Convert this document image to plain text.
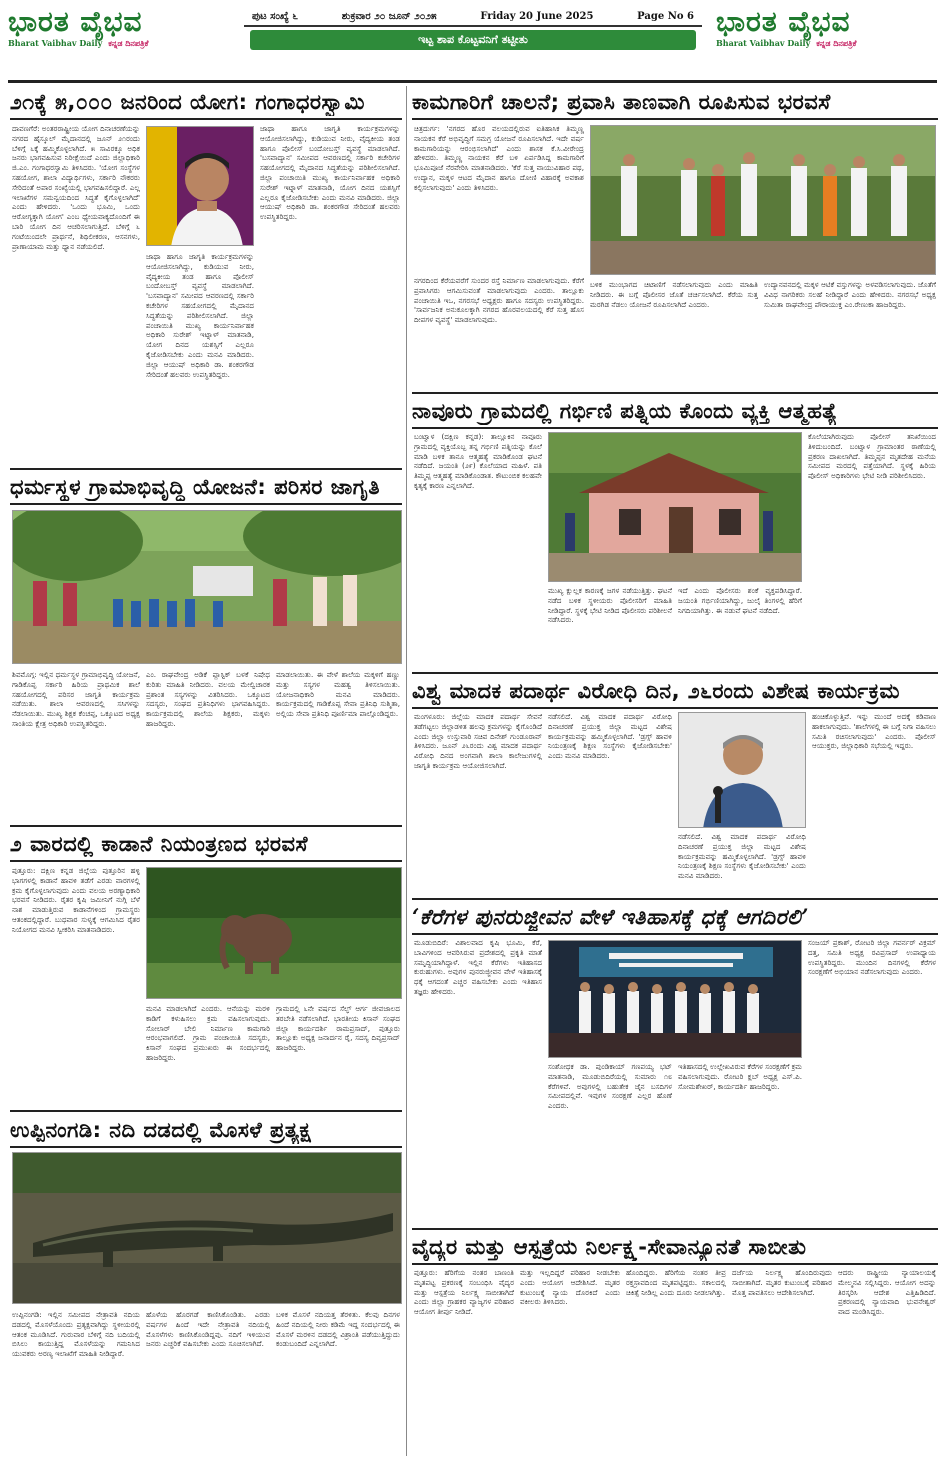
ಭಾರತ ವೈಭವ
Bharat Vaibhav Daily ಕನ್ನಡ ದಿನಪತ್ರಿಕೆ
ಪುಟ ಸಂಖ್ಯೆ ೬	ಶುಕ್ರವಾರ ೨೦ ಜೂನ್ ೨೦೨೫	Friday 20 June 2025	Page No 6
ಇಟ್ಟ ಶಾಪ ಕೊಟ್ಟವನಿಗೆ ತಟ್ಟೀತು
ಭಾರತ ವೈಭವ
Bharat Vaibhav Daily ಕನ್ನಡ ದಿನಪತ್ರಿಕೆ
೨೧ಕ್ಕೆ ೫,೦೦೦ ಜನರಿಂದ ಯೋಗ: ಗಂಗಾಧರಸ್ವಾಮಿ
ದಾವಣಗೆರೆ: ಅಂತರರಾಷ್ಟ್ರೀಯ ಯೋಗ ದಿನಾಚರಣೆಯನ್ನು ನಗರದ ಹೈಸ್ಕೂಲ್ ಮೈದಾನದಲ್ಲಿ ಜೂನ್ ೨೧ರಂದು ಬೆಳಿಗ್ಗೆ ೬ಕ್ಕೆ ಹಮ್ಮಿಕೊಳ್ಳಲಾಗಿದೆ. ೫ ಸಾವಿರಕ್ಕೂ ಅಧಿಕ ಜನರು ಭಾಗವಹಿಸುವ ನಿರೀಕ್ಷೆಯಿದೆ ಎಂದು ಜಿಲ್ಲಾಧಿಕಾರಿ ಜಿ.ಎಂ. ಗಂಗಾಧರಸ್ವಾಮಿ ತಿಳಿಸಿದರು. 'ಯೋಗ ಸಂಸ್ಥೆಗಳ ಸಹಯೋಗ, ಶಾಲಾ ವಿದ್ಯಾರ್ಥಿಗಳು, ಸರ್ಕಾರಿ ನೌಕರರು ಸೇರಿದಂತೆ ಅಪಾರ ಸಂಖ್ಯೆಯಲ್ಲಿ ಭಾಗವಹಿಸಲಿದ್ದಾರೆ. ಎಲ್ಲ ಇಲಾಖೆಗಳ ಸಮನ್ವಯದಿಂದ ಸಿದ್ಧತೆ ಕೈಗೊಳ್ಳಲಾಗಿದೆ' ಎಂದು ಹೇಳಿದರು. 'ಒಂದು ಭೂಮಿ, ಒಂದು ಆರೋಗ್ಯಕ್ಕಾಗಿ ಯೋಗ' ಎಂಬ ಧ್ಯೇಯವಾಕ್ಯದೊಂದಿಗೆ ಈ ಬಾರಿ ಯೋಗ ದಿನ ಆಚರಿಸಲಾಗುತ್ತಿದೆ. ಬೆಳಿಗ್ಗೆ ೬ ಗಂಟೆಯಿಂದಲೇ ಪ್ರಾರ್ಥನೆ, ಶಿಥಿಲೀಕರಣ, ಆಸನಗಳು, ಪ್ರಾಣಾಯಾಮ ಮತ್ತು ಧ್ಯಾನ ನಡೆಯಲಿದೆ.
ಜಾಥಾ ಹಾಗೂ ಜಾಗೃತಿ ಕಾರ್ಯಕ್ರಮಗಳನ್ನು ಆಯೋಜಿಸಲಾಗಿದ್ದು, ಕುಡಿಯುವ ನೀರು, ವೈದ್ಯಕೀಯ ತಂಡ ಹಾಗೂ ಪೊಲೀಸ್ ಬಂದೋಬಸ್ತ್ ವ್ಯವಸ್ಥೆ ಮಾಡಲಾಗಿದೆ. 'ಬಸವಾದ್ಯಾನ' ಸಮೀಪದ ಆವರಣದಲ್ಲಿ ಸರ್ಕಾರಿ ಕಚೇರಿಗಳ ಸಹಯೋಗದಲ್ಲಿ ಮೈದಾನದ ಸಿದ್ಧತೆಯನ್ನು ಪರಿಶೀಲಿಸಲಾಗಿದೆ. ಜಿಲ್ಲಾ ಪಂಚಾಯಿತಿ ಮುಖ್ಯ ಕಾರ್ಯನಿರ್ವಾಹಕ ಅಧಿಕಾರಿ ಸುರೇಶ್ ಇಟ್ನಾಳ್ ಮಾತನಾಡಿ, ಯೋಗ ದಿನದ ಯಶಸ್ಸಿಗೆ ಎಲ್ಲರೂ ಕೈಜೋಡಿಸಬೇಕು ಎಂದು ಮನವಿ ಮಾಡಿದರು. ಜಿಲ್ಲಾ ಆಯುಷ್ ಅಧಿಕಾರಿ ಡಾ. ಶಂಕರಗೌಡ ಸೇರಿದಂತೆ ಹಲವರು ಉಪಸ್ಥಿತರಿದ್ದರು.
ಜಾಥಾ ಹಾಗೂ ಜಾಗೃತಿ ಕಾರ್ಯಕ್ರಮಗಳನ್ನು ಆಯೋಜಿಸಲಾಗಿದ್ದು, ಕುಡಿಯುವ ನೀರು, ವೈದ್ಯಕೀಯ ತಂಡ ಹಾಗೂ ಪೊಲೀಸ್ ಬಂದೋಬಸ್ತ್ ವ್ಯವಸ್ಥೆ ಮಾಡಲಾಗಿದೆ. 'ಬಸವಾದ್ಯಾನ' ಸಮೀಪದ ಆವರಣದಲ್ಲಿ ಸರ್ಕಾರಿ ಕಚೇರಿಗಳ ಸಹಯೋಗದಲ್ಲಿ ಮೈದಾನದ ಸಿದ್ಧತೆಯನ್ನು ಪರಿಶೀಲಿಸಲಾಗಿದೆ. ಜಿಲ್ಲಾ ಪಂಚಾಯಿತಿ ಮುಖ್ಯ ಕಾರ್ಯನಿರ್ವಾಹಕ ಅಧಿಕಾರಿ ಸುರೇಶ್ ಇಟ್ನಾಳ್ ಮಾತನಾಡಿ, ಯೋಗ ದಿನದ ಯಶಸ್ಸಿಗೆ ಎಲ್ಲರೂ ಕೈಜೋಡಿಸಬೇಕು ಎಂದು ಮನವಿ ಮಾಡಿದರು. ಜಿಲ್ಲಾ ಆಯುಷ್ ಅಧಿಕಾರಿ ಡಾ. ಶಂಕರಗೌಡ ಸೇರಿದಂತೆ ಹಲವರು ಉಪಸ್ಥಿತರಿದ್ದರು.
ಧರ್ಮಸ್ಥಳ ಗ್ರಾಮಾಭಿವೃದ್ಧಿ ಯೋಜನೆ: ಪರಿಸರ ಜಾಗೃತಿ
ಶಿವಮೊಗ್ಗ: ಇಲ್ಲಿನ ಧರ್ಮಸ್ಥಳ ಗ್ರಾಮಾಭಿವೃದ್ಧಿ ಯೋಜನೆ, ಗಾಡಿಕೊಪ್ಪ ಸರ್ಕಾರಿ ಹಿರಿಯ ಪ್ರಾಥಮಿಕ ಶಾಲೆ ಸಹಯೋಗದಲ್ಲಿ ಪರಿಸರ ಜಾಗೃತಿ ಕಾರ್ಯಕ್ರಮ ನಡೆಯಿತು. ಶಾಲಾ ಆವರಣದಲ್ಲಿ ಸಸಿಗಳನ್ನು ನೆಡಲಾಯಿತು. ಮುಖ್ಯ ಶಿಕ್ಷಕ ಕೆಂಚಪ್ಪ, ಒಕ್ಕೂಟದ ಅಧ್ಯಕ್ಷ ಸಾಂತಿಯ ಕ್ಷೇತ್ರ ಅಧಿಕಾರಿ ಉಪಸ್ಥಿತರಿದ್ದರು.
ಎಂ. ರಾಘವೇಂದ್ರ ಅಡಿಕೆ ಪ್ಲಾಸ್ಟಿಕ್ ಬಳಕೆ ನಿಷೇಧ ಕುರಿತು ಮಾಹಿತಿ ನೀಡಿದರು. ವಲಯ ಮೇಲ್ವಿಚಾರಕ ಪ್ರಶಾಂತ ಸಸ್ಯಗಳನ್ನು ವಿತರಿಸಿದರು. ಒಕ್ಕೂಟದ ಸದಸ್ಯರು, ಸಂಘದ ಪ್ರತಿನಿಧಿಗಳು ಭಾಗವಹಿಸಿದ್ದರು. ಕಾರ್ಯಕ್ರಮದಲ್ಲಿ ಶಾಲೆಯ ಶಿಕ್ಷಕರು, ಮಕ್ಕಳು ಹಾಜರಿದ್ದರು.
ಮಾಡಲಾಯಿತು. ಈ ವೇಳೆ ಶಾಲೆಯ ಮಕ್ಕಳಿಗೆ ಹಣ್ಣು ಮತ್ತು ಸಸ್ಯಗಳ ಮಹತ್ವ ತಿಳಿಸಲಾಯಿತು. ಯೋಜನಾಧಿಕಾರಿ ಮನವಿ ಮಾಡಿದರು. ಕಾರ್ಯಕ್ರಮದಲ್ಲಿ ಗಾಡಿಕೊಪ್ಪ ಸೇವಾ ಪ್ರತಿನಿಧಿ ಸುಶ್ಮಿತಾ, ಅಲ್ಲಿಯ ಸೇವಾ ಪ್ರತಿನಿಧಿ ಪೂರ್ಣಿಮಾ ಪಾಲ್ಗೊಂಡಿದ್ದರು.
೨ ವಾರದಲ್ಲಿ ಕಾಡಾನೆ ನಿಯಂತ್ರಣದ ಭರವಸೆ
ಪುತ್ತೂರು: ದಕ್ಷಿಣ ಕನ್ನಡ ಜಿಲ್ಲೆಯ ಪುತ್ತೂರಿನ ಹಳ್ಳಿ ಭಾಗಗಳಲ್ಲಿ ಕಾಡಾನೆ ಹಾವಳಿ ತಡೆಗೆ ಎರಡು ವಾರಗಳಲ್ಲಿ ಕ್ರಮ ಕೈಗೊಳ್ಳಲಾಗುವುದು ಎಂದು ವಲಯ ಅರಣ್ಯಾಧಿಕಾರಿ ಭರವಸೆ ನೀಡಿದರು. ರೈತರ ಕೃಷಿ ಜಮೀನಿಗೆ ನುಗ್ಗಿ ಬೆಳೆ ನಾಶ ಮಾಡುತ್ತಿರುವ ಕಾಡಾನೆಗಳಿಂದ ಗ್ರಾಮಸ್ಥರು ಆತಂಕದಲ್ಲಿದ್ದಾರೆ. ಬುಧವಾರ ಸುಳ್ಯಕ್ಕೆ ಆಗಮಿಸಿದ ರೈತರ ನಿಯೋಗದ ಮನವಿ ಸ್ವೀಕರಿಸಿ ಮಾತನಾಡಿದರು.
ಮನವಿ ಮಾಡಲಾಗಿದೆ ಎಂದರು. ಆನೆಯನ್ನು ಮರಳಿ ಕಾಡಿಗೆ ಕಳುಹಿಸಲು ಕ್ರಮ ವಹಿಸಲಾಗುವುದು. ಸೋಲಾರ್ ಬೇಲಿ ನಿರ್ಮಾಣ ಕಾಮಗಾರಿ ಆರಂಭವಾಗಲಿದೆ. ಗ್ರಾಮ ಪಂಚಾಯಿತಿ ಸದಸ್ಯರು, ಕಿಸಾನ್ ಸಂಘದ ಪ್ರಮುಖರು ಈ ಸಂದರ್ಭದಲ್ಲಿ ಹಾಜರಿದ್ದರು.
ಗ್ರಾಮದಲ್ಲಿ ೬ನೇ ವರ್ಷದ ಸೆಲ್ಫ್ ಆರ್ಗ ಜೀವಜಾಲದ ತರಬೇತಿ ನಡೆಸಲಾಗಿದೆ. ಭಾರತೀಯ ಕಿಸಾನ್ ಸಂಘದ ಜಿಲ್ಲಾ ಕಾರ್ಯದರ್ಶಿ ರಾಮಪ್ರಸಾದ್, ಪುತ್ತೂರು ತಾಲ್ಲೂಕು ಅಧ್ಯಕ್ಷ ಜನಾರ್ದನ ರೈ, ಸದಸ್ಯ ದಿವ್ಯಪ್ರಸಾದ್ ಹಾಜರಿದ್ದರು.
ಉಪ್ಪಿನಂಗಡಿ: ನದಿ ದಡದಲ್ಲಿ ಮೊಸಳೆ ಪ್ರತ್ಯಕ್ಷ
ಉಪ್ಪಿನಂಗಡಿ: ಇಲ್ಲಿನ ಸಮೀಪದ ನೇತ್ರಾವತಿ ನದಿಯ ದಡದಲ್ಲಿ ಮೊಸಳೆಯೊಂದು ಪ್ರತ್ಯಕ್ಷವಾಗಿದ್ದು ಸ್ಥಳೀಯರಲ್ಲಿ ಆತಂಕ ಮೂಡಿಸಿದೆ. ಗುರುವಾರ ಬೆಳಿಗ್ಗೆ ನದಿ ಬದಿಯಲ್ಲಿ ಬಿಸಿಲು ಕಾಯುತ್ತಿದ್ದ ಮೊಸಳೆಯನ್ನು ಗಮನಿಸಿದ ಯುವಕರು ಅರಣ್ಯ ಇಲಾಖೆಗೆ ಮಾಹಿತಿ ನೀಡಿದ್ದಾರೆ.
ಹೊಳೆಯ ಹೊರಗಡೆ ಕಾಣಿಸಿಕೊಂಡಿತು. ಎರಡು ವರ್ಷಗಳ ಹಿಂದೆ ಇದೇ ನೇತ್ರಾವತಿ ನದಿಯಲ್ಲಿ ಮೊಸಳೆಗಳು ಕಾಣಿಸಿಕೊಂಡಿದ್ದವು. ನದಿಗೆ ಇಳಿಯುವ ಜನರು ಎಚ್ಚರಿಕೆ ವಹಿಸಬೇಕು ಎಂದು ಸೂಚಿಸಲಾಗಿದೆ.
ಬಳಿಕ ಮೊಸಳೆ ನದಿಯತ್ತ ತೆರಳಿತು. ಕೆಲವು ದಿನಗಳ ಹಿಂದೆ ನದಿಯಲ್ಲಿ ನೀರು ಕಡಿಮೆ ಇದ್ದ ಸಂದರ್ಭದಲ್ಲಿ ಈ ಮೊಸಳೆ ಮರಳಿನ ದಡದಲ್ಲಿ ವಿಶ್ರಾಂತಿ ಪಡೆಯುತ್ತಿದ್ದುದು ಕಂಡುಬಂದಿದೆ ಎನ್ನಲಾಗಿದೆ.
ಕಾಮಗಾರಿಗೆ ಚಾಲನೆ; ಪ್ರವಾಸಿ ತಾಣವಾಗಿ ರೂಪಿಸುವ ಭರವಸೆ
ಚಿತ್ರದುರ್ಗ: 'ನಗರದ ಹೊರ ವಲಯದಲ್ಲಿರುವ ಐತಿಹಾಸಿಕ ತಿಮ್ಮಣ್ಣ ನಾಯಕನ ಕೆರೆ ಅಭಿವೃದ್ಧಿಗೆ ಸಮಗ್ರ ಯೋಜನೆ ರೂಪಿಸಲಾಗಿದೆ. ಇದೇ ವರ್ಷ ಕಾಮಗಾರಿಯನ್ನು ಆರಂಭಿಸಲಾಗಿದೆ' ಎಂದು ಶಾಸಕ ಕೆ.ಸಿ.ವೀರೇಂದ್ರ ಹೇಳಿದರು. ತಿಮ್ಮಣ್ಣ ನಾಯಕನ ಕೆರೆ ಬಳಿ ಏರ್ಪಡಿಸಿದ್ದ ಕಾಮಗಾರಿಗೆ ಭೂಮಿಪೂಜೆ ನೆರವೇರಿಸಿ ಮಾತನಾಡಿದರು. 'ಕೆರೆ ಸುತ್ತ ವಾಯುವಿಹಾರ ಪಥ, ಉದ್ಯಾನ, ಮಕ್ಕಳ ಆಟದ ಮೈದಾನ ಹಾಗೂ ದೋಣಿ ವಿಹಾರಕ್ಕೆ ಅವಕಾಶ ಕಲ್ಪಿಸಲಾಗುವುದು' ಎಂದು ತಿಳಿಸಿದರು.
ನಗರದಿಂದ ಕೆರೆಯವರೆಗೆ ಸುಂದರ ರಸ್ತೆ ನಿರ್ಮಾಣ ಮಾಡಲಾಗುವುದು. ಕೆರೆಗೆ ಪ್ರವಾಸಿಗರು ಆಗಮಿಸುವಂತೆ ಮಾಡಲಾಗುವುದು ಎಂದರು. ತಾಲ್ಲೂಕು ಪಂಚಾಯಿತಿ ಇಒ, ನಗರಸಭೆ ಅಧ್ಯಕ್ಷರು ಹಾಗೂ ಸದಸ್ಯರು ಉಪಸ್ಥಿತರಿದ್ದರು. 'ಸಾರ್ವಜನಿಕ ಅನುಕೂಲಕ್ಕಾಗಿ ನಗರದ ಹೊರವಲಯದಲ್ಲಿ ಕೆರೆ ಸುತ್ತ ಹೊಸ ದೀಪಗಳ ವ್ಯವಸ್ಥೆ' ಮಾಡಲಾಗುವುದು.
ಬಳಿಕ ಮುಂಭಾಗದ ಚಿಟಾಣಿಗೆ ನಡೆಸಲಾಗುವುದು ಎಂದು ಮಾಹಿತಿ ನೀಡಿದರು. ಈ ಬಗ್ಗೆ ಪೊಲೀಸರ ಜೊತೆ ಚರ್ಚಿಸಲಾಗಿದೆ. ಕೆರೆಯ ಸುತ್ತ ಮರಗಿಡ ನೆಡಲು ಯೋಜನೆ ರೂಪಿಸಲಾಗಿದೆ ಎಂದರು.
ಉದ್ಯಾನವನದಲ್ಲಿ ಮಕ್ಕಳ ಆಟಿಕೆ ವಸ್ತುಗಳನ್ನು ಅಳವಡಿಸಲಾಗುವುದು. ಜೊತೆಗೆ ವಿವಿಧ ನಾಗರಿಕರು ಸಲಹೆ ನೀಡಿದ್ದಾರೆ ಎಂದು ಹೇಳಿದರು. ನಗರಸಭೆ ಅಧ್ಯಕ್ಷ ಸುಮಿತಾ ರಾಘವೇಂದ್ರ ಪೌರಾಯುಕ್ತ ಎಂ.ರೇಣುಕಾ ಹಾಜರಿದ್ದರು.
ನಾವೂರು ಗ್ರಾಮದಲ್ಲಿ ಗರ್ಭಿಣಿ ಪತ್ನಿಯ ಕೊಂದು ವ್ಯಕ್ತಿ ಆತ್ಮಹತ್ಯೆ
ಬಂಟ್ವಾಳ (ದಕ್ಷಿಣ ಕನ್ನಡ): ತಾಲ್ಲೂಕಿನ ನಾವೂರು ಗ್ರಾಮದಲ್ಲಿ ವ್ಯಕ್ತಿಯೊಬ್ಬ ತನ್ನ ಗರ್ಭಿಣಿ ಪತ್ನಿಯನ್ನು ಕೊಲೆ ಮಾಡಿ ಬಳಿಕ ತಾನೂ ಆತ್ಮಹತ್ಯೆ ಮಾಡಿಕೊಂಡ ಘಟನೆ ನಡೆದಿದೆ. ಜಯಂತಿ (೨೯) ಕೊಲೆಯಾದ ಮಹಿಳೆ. ಪತಿ ತಿಮ್ಮಪ್ಪ ಆತ್ಮಹತ್ಯೆ ಮಾಡಿಕೊಂಡಾತ. ಕೌಟುಂಬಿಕ ಕಲಹವೇ ಕೃತ್ಯಕ್ಕೆ ಕಾರಣ ಎನ್ನಲಾಗಿದೆ.
ಮುಖ್ಯ ಕ್ಷುಲ್ಲಕ ಕಾರಣಕ್ಕೆ ಜಗಳ ನಡೆಯುತ್ತಿತ್ತು. ಘಟನೆ ನಡೆದ ಬಳಿಕ ಸ್ಥಳೀಯರು ಪೊಲೀಸರಿಗೆ ಮಾಹಿತಿ ನೀಡಿದ್ದಾರೆ. ಸ್ಥಳಕ್ಕೆ ಭೇಟಿ ನೀಡಿದ ಪೊಲೀಸರು ಪರಿಶೀಲನೆ ನಡೆಸಿದರು.
ಇದೆ ಎಂದು ಪೊಲೀಸರು ಶಂಕೆ ವ್ಯಕ್ತಪಡಿಸಿದ್ದಾರೆ. ಜಯಂತಿ ಗರ್ಭಿಣಿಯಾಗಿದ್ದು, ಜುಲೈ ತಿಂಗಳಲ್ಲಿ ಹೆರಿಗೆ ನಿಗದಿಯಾಗಿತ್ತು. ಈ ನಡುವೆ ಘಟನೆ ನಡೆದಿದೆ.
ಕೊಲೆಯಾಗಿರುವುದು ಪೊಲೀಸ್ ತನಿಖೆಯಿಂದ ತಿಳಿದುಬಂದಿದೆ. ಬಂಟ್ವಾಳ ಗ್ರಾಮಾಂತರ ಠಾಣೆಯಲ್ಲಿ ಪ್ರಕರಣ ದಾಖಲಾಗಿದೆ. ತಿಮ್ಮಪ್ಪನ ಮೃತದೇಹ ಮನೆಯ ಸಮೀಪದ ಮರದಲ್ಲಿ ಪತ್ತೆಯಾಗಿದೆ. ಸ್ಥಳಕ್ಕೆ ಹಿರಿಯ ಪೊಲೀಸ್ ಅಧಿಕಾರಿಗಳು ಭೇಟಿ ನೀಡಿ ಪರಿಶೀಲಿಸಿದರು.
ವಿಶ್ವ ಮಾದಕ ಪದಾರ್ಥ ವಿರೋಧಿ ದಿನ, ೨೬ರಂದು ವಿಶೇಷ ಕಾರ್ಯಕ್ರಮ
ಮಂಗಳೂರು: ಜಿಲ್ಲೆಯ ಮಾದಕ ಪದಾರ್ಥ ಸೇವನೆ ತಡೆಗಟ್ಟಲು ಜಿಲ್ಲಾಡಳಿತ ಹಲವು ಕ್ರಮಗಳನ್ನು ಕೈಗೊಂಡಿದೆ ಎಂದು ಜಿಲ್ಲಾ ಉಸ್ತುವಾರಿ ಸಚಿವ ದಿನೇಶ್ ಗುಂಡೂರಾವ್ ತಿಳಿಸಿದರು. ಜೂನ್ ೨೬ರಂದು ವಿಶ್ವ ಮಾದಕ ಪದಾರ್ಥ ವಿರೋಧಿ ದಿನದ ಅಂಗವಾಗಿ ಶಾಲಾ ಕಾಲೇಜುಗಳಲ್ಲಿ ಜಾಗೃತಿ ಕಾರ್ಯಕ್ರಮ ಆಯೋಜಿಸಲಾಗಿದೆ.
ನಡೆಸಲಿದೆ. ವಿಶ್ವ ಮಾದಕ ಪದಾರ್ಥ ವಿರೋಧಿ ದಿನಾಚರಣೆ ಪ್ರಯುಕ್ತ ಜಿಲ್ಲಾ ಮಟ್ಟದ ವಿಶೇಷ ಕಾರ್ಯಕ್ರಮವನ್ನು ಹಮ್ಮಿಕೊಳ್ಳಲಾಗಿದೆ. 'ಡ್ರಗ್ಸ್ ಹಾವಳಿ ನಿಯಂತ್ರಣಕ್ಕೆ ಶಿಕ್ಷಣ ಸಂಸ್ಥೆಗಳು ಕೈಜೋಡಿಸಬೇಕು' ಎಂದು ಮನವಿ ಮಾಡಿದರು.
ನಡೆಸಲಿದೆ. ವಿಶ್ವ ಮಾದಕ ಪದಾರ್ಥ ವಿರೋಧಿ ದಿನಾಚರಣೆ ಪ್ರಯುಕ್ತ ಜಿಲ್ಲಾ ಮಟ್ಟದ ವಿಶೇಷ ಕಾರ್ಯಕ್ರಮವನ್ನು ಹಮ್ಮಿಕೊಳ್ಳಲಾಗಿದೆ. 'ಡ್ರಗ್ಸ್ ಹಾವಳಿ ನಿಯಂತ್ರಣಕ್ಕೆ ಶಿಕ್ಷಣ ಸಂಸ್ಥೆಗಳು ಕೈಜೋಡಿಸಬೇಕು' ಎಂದು ಮನವಿ ಮಾಡಿದರು.
ಹಂಚಿಕೊಳ್ಳುತ್ತಿವೆ. ಇನ್ನು ಮುಂದೆ ಅದಕ್ಕೆ ಕಡಿವಾಣ ಹಾಕಲಾಗುವುದು. 'ಶಾಲೆಗಳಲ್ಲಿ ಈ ಬಗ್ಗೆ ನಿಗಾ ವಹಿಸಲು ಸಮಿತಿ ರಚಿಸಲಾಗುವುದು' ಎಂದರು. ಪೊಲೀಸ್ ಆಯುಕ್ತರು, ಜಿಲ್ಲಾಧಿಕಾರಿ ಸಭೆಯಲ್ಲಿ ಇದ್ದರು.
‘ಕೆರೆಗಳ ಪುನರುಜ್ಜೀವನ ವೇಳೆ ಇತಿಹಾಸಕ್ಕೆ ಧಕ್ಕೆ ಆಗದಿರಲಿ’
ಮೂಡುಬಿದಿರೆ: ವಿಶಾಲವಾದ ಕೃಷಿ ಭೂಮಿ, ಕೆರೆ, ಬಾವಿಗಳಿಂದ ಆವರಿಸಿರುವ ಪ್ರದೇಶದಲ್ಲಿ ಪ್ರಕೃತಿ ಮಾತೆ ಸಮೃದ್ಧಿಯಾಗಿದ್ದಾಳೆ. ಇಲ್ಲಿನ ಕೆರೆಗಳು ಇತಿಹಾಸದ ಕುರುಹುಗಳು. ಅವುಗಳ ಪುನರುಜ್ಜೀವನ ವೇಳೆ ಇತಿಹಾಸಕ್ಕೆ ಧಕ್ಕೆ ಆಗದಂತೆ ಎಚ್ಚರ ವಹಿಸಬೇಕು ಎಂದು ಇತಿಹಾಸ ತಜ್ಞರು ಹೇಳಿದರು.
ಸಂಶೋಧಕ ಡಾ. ಪುಂಡಿಕಾಯ್ ಗಣಪಯ್ಯ ಭಟ್ ಮಾತನಾಡಿ, ಮೂಡುಬಿದಿರೆಯಲ್ಲಿ ಸುಮಾರು ೧೮ ಕೆರೆಗಳಿವೆ. ಅವುಗಳಲ್ಲಿ ಬಹುತೇಕ ಜೈನ ಬಸದಿಗಳ ಸಮೀಪದಲ್ಲಿವೆ. ಇವುಗಳ ಸಂರಕ್ಷಣೆ ಎಲ್ಲರ ಹೊಣೆ ಎಂದರು.
ಇತಿಹಾಸದಲ್ಲಿ ಉಲ್ಲೇಖವಿರುವ ಕೆರೆಗಳ ಸಂರಕ್ಷಣೆಗೆ ಕ್ರಮ ವಹಿಸಲಾಗುವುದು. ರೋಟರಿ ಕ್ಲಬ್ ಅಧ್ಯಕ್ಷ ಎಸ್.ಪಿ. ಸೋಮಶೇಖರ್, ಕಾರ್ಯದರ್ಶಿ ಹಾಜರಿದ್ದರು.
ಸಂಜಯ್ ಪ್ರಕಾಶ್, ರೋಟರಿ ಜಿಲ್ಲಾ ಗವರ್ನರ್ ವಿಕ್ರಮ್ ದತ್ತ, ಸಮಿತಿ ಅಧ್ಯಕ್ಷ ರವಿಪ್ರಸಾದ್ ಉಪಾಧ್ಯಾಯ ಉಪಸ್ಥಿತರಿದ್ದರು. ಮುಂದಿನ ದಿನಗಳಲ್ಲಿ ಕೆರೆಗಳ ಸಂರಕ್ಷಣೆಗೆ ಅಭಿಯಾನ ನಡೆಸಲಾಗುವುದು ಎಂದರು.
ವೈದ್ಯರ ಮತ್ತು ಆಸ್ಪತ್ರೆಯ ನಿರ್ಲಕ್ಷ್ಯ-ಸೇವಾನ್ಯೂನತೆ ಸಾಬೀತು
ಪುತ್ತೂರು: ಹೆರಿಗೆಯ ನಂತರ ಬಾಣಂತಿ ಮೃತಪಟ್ಟ ಪ್ರಕರಣಕ್ಕೆ ಸಂಬಂಧಿಸಿ ವೈದ್ಯರ ಮತ್ತು ಆಸ್ಪತ್ರೆಯ ನಿರ್ಲಕ್ಷ್ಯ ಸಾಬೀತಾಗಿದೆ ಎಂದು ಜಿಲ್ಲಾ ಗ್ರಾಹಕರ ವ್ಯಾಜ್ಯಗಳ ಪರಿಹಾರ ಆಯೋಗ ತೀರ್ಪು ನೀಡಿದೆ.
ಮತ್ತು ಇಲ್ಲದಿದ್ದರೆ ಪರಿಹಾರ ನೀಡಬೇಕು ಎಂದು ಆಯೋಗ ಆದೇಶಿಸಿದೆ. ಮೃತರ ಕುಟುಂಬಕ್ಕೆ ನ್ಯಾಯ ದೊರಕಿದೆ ಎಂದು ವಕೀಲರು ತಿಳಿಸಿದರು.
ಹೊಂದಿದ್ದರು. ಹೆರಿಗೆಯ ನಂತರ ತೀವ್ರ ರಕ್ತಸ್ರಾವದಿಂದ ಮೃತಪಟ್ಟಿದ್ದರು. ಸಕಾಲದಲ್ಲಿ ಚಿಕಿತ್ಸೆ ನೀಡಿಲ್ಲ ಎಂದು ದೂರು ನೀಡಲಾಗಿತ್ತು.
ದರ್ಜೆಯ ನಿರ್ಲಕ್ಷ್ಯ ಹೊಂದಿರುವುದು ಸಾಬೀತಾಗಿದೆ. ಮೃತರ ಕುಟುಂಬಕ್ಕೆ ಪರಿಹಾರ ಮೊತ್ತ ಪಾವತಿಸಲು ಆದೇಶಿಸಲಾಗಿದೆ.
ಆದರು ರಾಷ್ಟ್ರೀಯ ನ್ಯಾಯಾಲಯಕ್ಕೆ ಮೇಲ್ಮನವಿ ಸಲ್ಲಿಸಿದ್ದರು. ಆಯೋಗ ಅದನ್ನು ತಿರಸ್ಕರಿಸಿ ಆದೇಶ ಎತ್ತಿಹಿಡಿದಿದೆ. ಪ್ರಕರಣದಲ್ಲಿ ನ್ಯಾಯವಾದಿ ಭುವನೇಶ್ವರ್ ವಾದ ಮಂಡಿಸಿದ್ದರು.
